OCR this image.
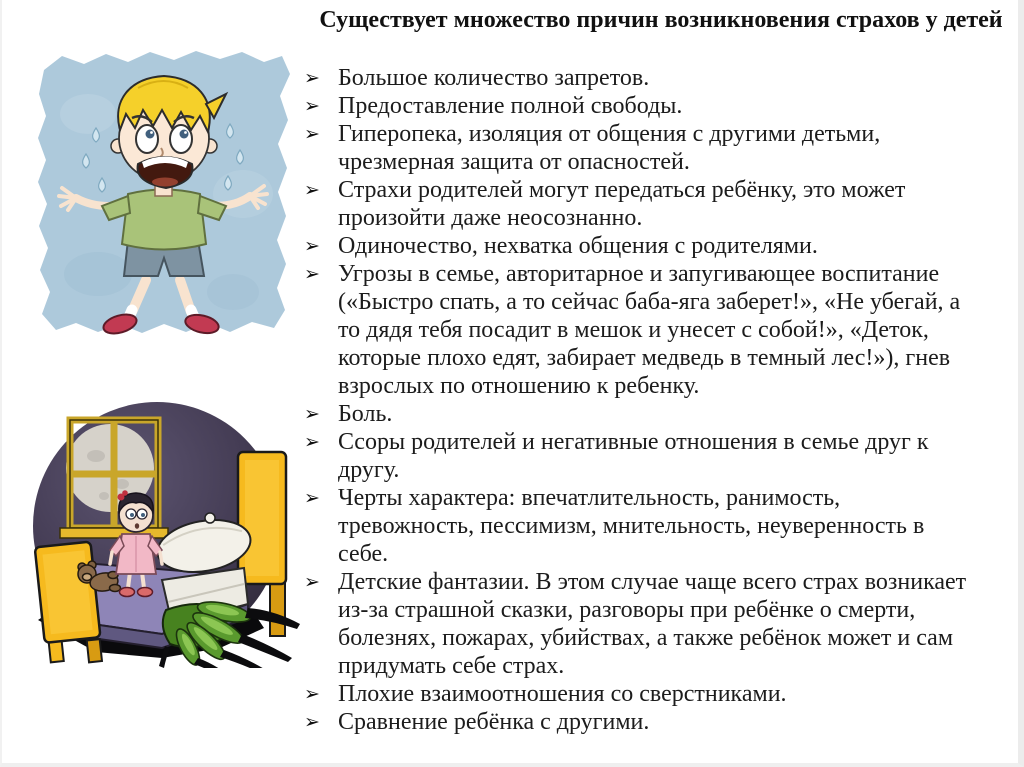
Существует множество причин возникновения страхов у детей
➢ Большое количество запретов.
➢ Предоставление полной свободы.
➢ Гиперопека, изоляция от общения с другими детьми, чрезмерная защита от опасностей.
➢ Страхи родителей могут передаться ребёнку, это может произойти даже неосознанно.
➢ Одиночество, нехватка общения с родителями.
➢ Угрозы в семье, авторитарное и запугивающее воспитание («Быстро спать, а то сейчас баба-яга заберет!», «Не убегай, а то дядя тебя посадит в мешок и унесет с собой!», «Деток, которые плохо едят, забирает медведь в темный лес!»), гнев взрослых по отношению к ребенку.
➢ Боль.
➢ Ссоры родителей и негативные отношения в семье друг к другу.
➢ Черты характера: впечатлительность, ранимость, тревожность, пессимизм, мнительность, неуверенность в себе.
➢ Детские фантазии. В этом случае чаще всего страх возникает из-за страшной сказки, разговоры при ребёнке о смерти, болезнях, пожарах, убийствах, а также ребёнок может и сам придумать себе страх.
➢ Плохие взаимоотношения со сверстниками.
➢ Сравнение ребёнка с другими.
